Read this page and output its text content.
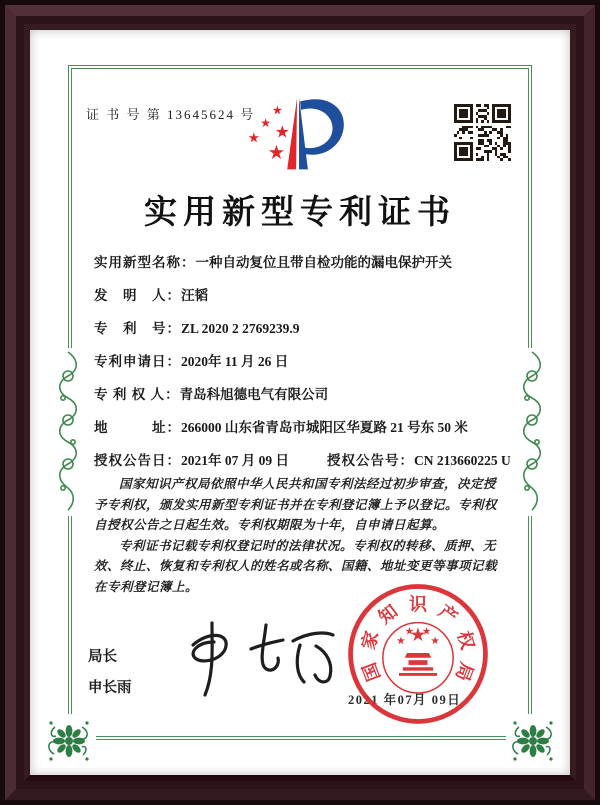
证 书 号 第 13645624 号
实用新型专利证书
实用新型名称：一种自动复位且带自检功能的漏电保护开关
发　明　人：汪韬
专　利　号：ZL 2020 2 2769239.9
专利申请日：2020年 11 月 26 日
专 利 权 人：青岛科旭德电气有限公司
地　　　址：266000 山东省青岛市城阳区华夏路 21 号东 50 米
授权公告日：2021年 07 月 09 日	授权公告号：CN 213660225 U

国家知识产权局依照中华人民共和国专利法经过初步审查，决定授予专利权，颁发实用新型专利证书并在专利登记簿上予以登记。专利权自授权公告之日起生效。专利权期限为十年，自申请日起算。

专利证书记载专利权登记时的法律状况。专利权的转移、质押、无效、终止、恢复和专利权人的姓名或名称、国籍、地址变更等事项记载在专利登记簿上。

局长
申长雨
国
家
知 识 产
权
局
2021 年07月 09日
